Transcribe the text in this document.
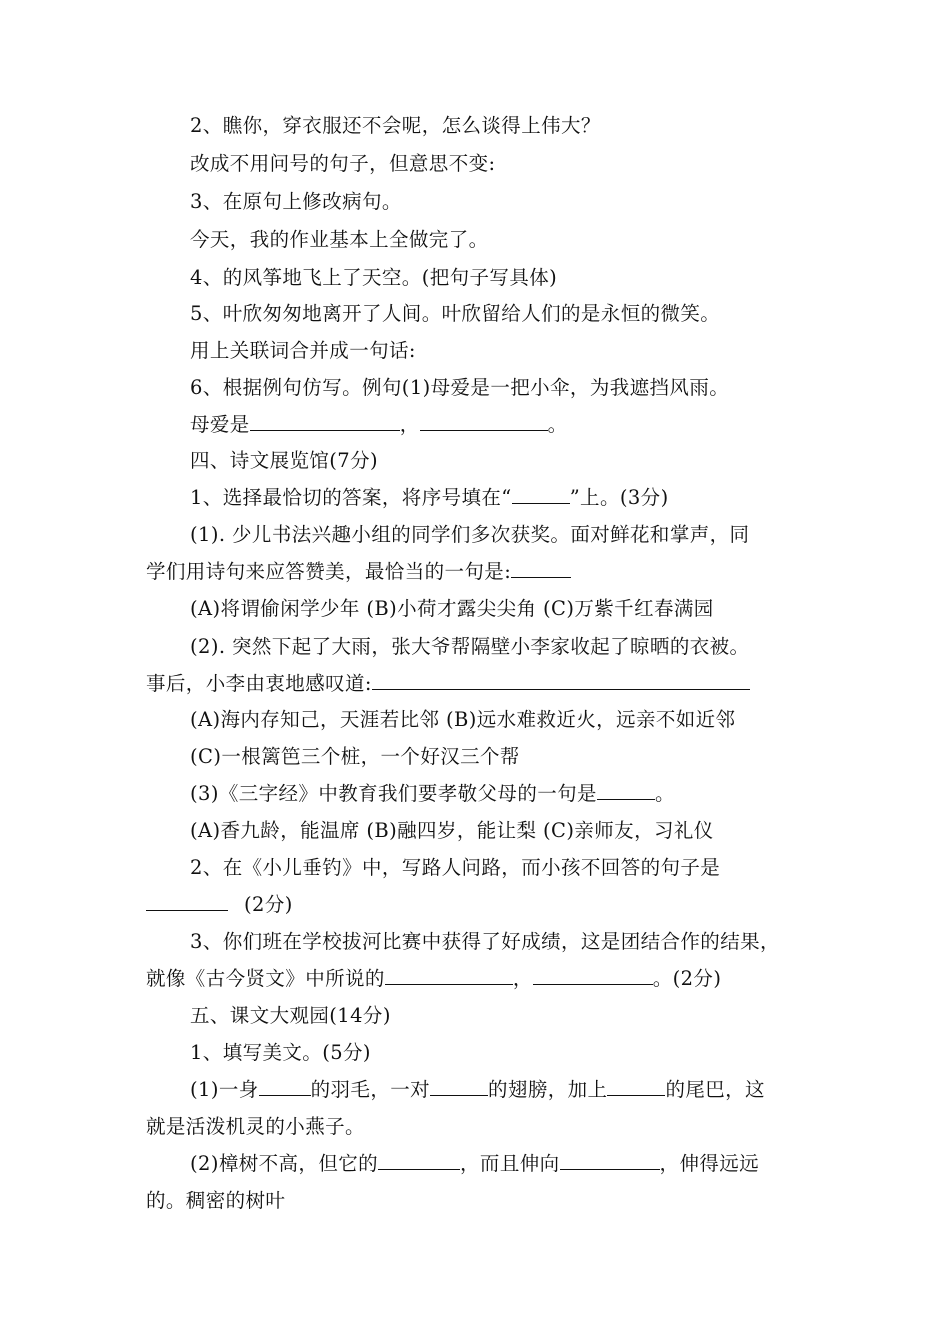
2、瞧你，穿衣服还不会呢，怎么谈得上伟大？
改成不用问号的句子，但意思不变:
3、在原句上修改病句。
今天，我的作业基本上全做完了。
4、的风筝地飞上了天空。(把句子写具体)
5、叶欣匆匆地离开了人间。叶欣留给人们的是永恒的微笑。
用上关联词合并成一句话:
6、根据例句仿写。例句(1)母爱是一把小伞，为我遮挡风雨。
母爱是	，	。
四、诗文展览馆(7分)
1、选择最恰切的答案，将序号填在“	”上。(3分)
(1). 少儿书法兴趣小组的同学们多次获奖。面对鲜花和掌声，同
学们用诗句来应答赞美，最恰当的一句是:
(A)将谓偷闲学少年 (B)小荷才露尖尖角 (C)万紫千红春满园
(2). 突然下起了大雨，张大爷帮隔壁小李家收起了晾晒的衣被。
事后，小李由衷地感叹道:
(A)海内存知己，天涯若比邻 (B)远水难救近火，远亲不如近邻
(C)一根篱笆三个桩，一个好汉三个帮
(3)《三字经》中教育我们要孝敬父母的一句是	。
(A)香九龄，能温席 (B)融四岁，能让梨 (C)亲师友，习礼仪
2、在《小儿垂钓》中，写路人问路，而小孩不回答的句子是
(2分)
3、你们班在学校拔河比赛中获得了好成绩，这是团结合作的结果，
就像《古今贤文》中所说的	，	。(2分)
五、课文大观园(14分)
1、填写美文。(5分)
(1)一身	的羽毛，一对	的翅膀，加上	的尾巴，这
就是活泼机灵的小燕子。
(2)樟树不高，但它的	，而且伸向	，伸得远远
的。稠密的树叶
